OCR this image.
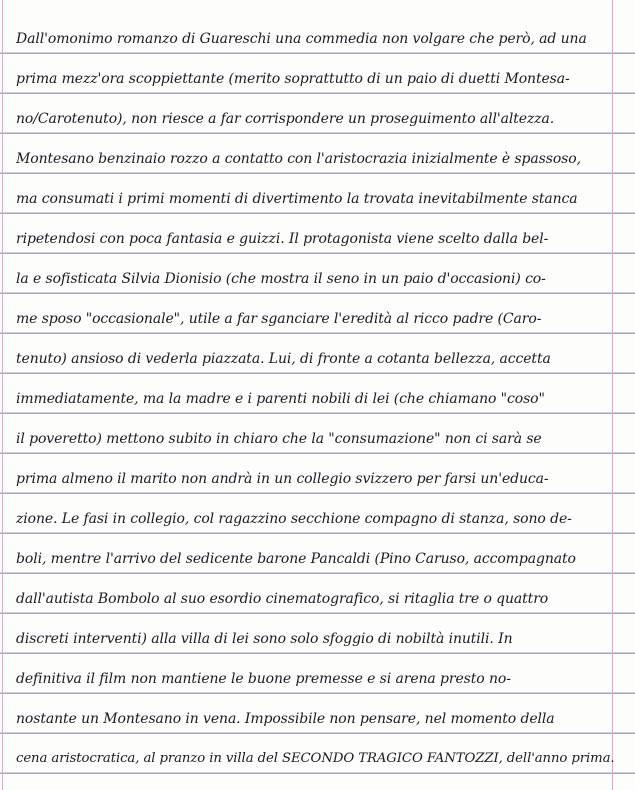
Dall'omonimo romanzo di Guareschi una commedia non volgare che però, ad una
prima mezz'ora scoppiettante (merito soprattutto di un paio di duetti Montesa-
no/Carotenuto), non riesce a far corrispondere un proseguimento all'altezza.
Montesano benzinaio rozzo a contatto con l'aristocrazia inizialmente è spassoso,
ma consumati i primi momenti di divertimento la trovata inevitabilmente stanca
ripetendosi con poca fantasia e guizzi. Il protagonista viene scelto dalla bel-
la e sofisticata Silvia Dionisio (che mostra il seno in un paio d'occasioni) co-
me sposo "occasionale", utile a far sganciare l'eredità al ricco padre (Caro-
tenuto) ansioso di vederla piazzata. Lui, di fronte a cotanta bellezza, accetta
immediatamente, ma la madre e i parenti nobili di lei (che chiamano "coso"
il poveretto) mettono subito in chiaro che la "consumazione" non ci sarà se
prima almeno il marito non andrà in un collegio svizzero per farsi un'educa-
zione. Le fasi in collegio, col ragazzino secchione compagno di stanza, sono de-
boli, mentre l'arrivo del sedicente barone Pancaldi (Pino Caruso, accompagnato
dall'autista Bombolo al suo esordio cinematografico, si ritaglia tre o quattro
discreti interventi) alla villa di lei sono solo sfoggio di nobiltà inutili. In
definitiva il film non mantiene le buone premesse e si arena presto no-
nostante un Montesano in vena. Impossibile non pensare, nel momento della
cena aristocratica, al pranzo in villa del SECONDO TRAGICO FANTOZZI, dell'anno prima.
